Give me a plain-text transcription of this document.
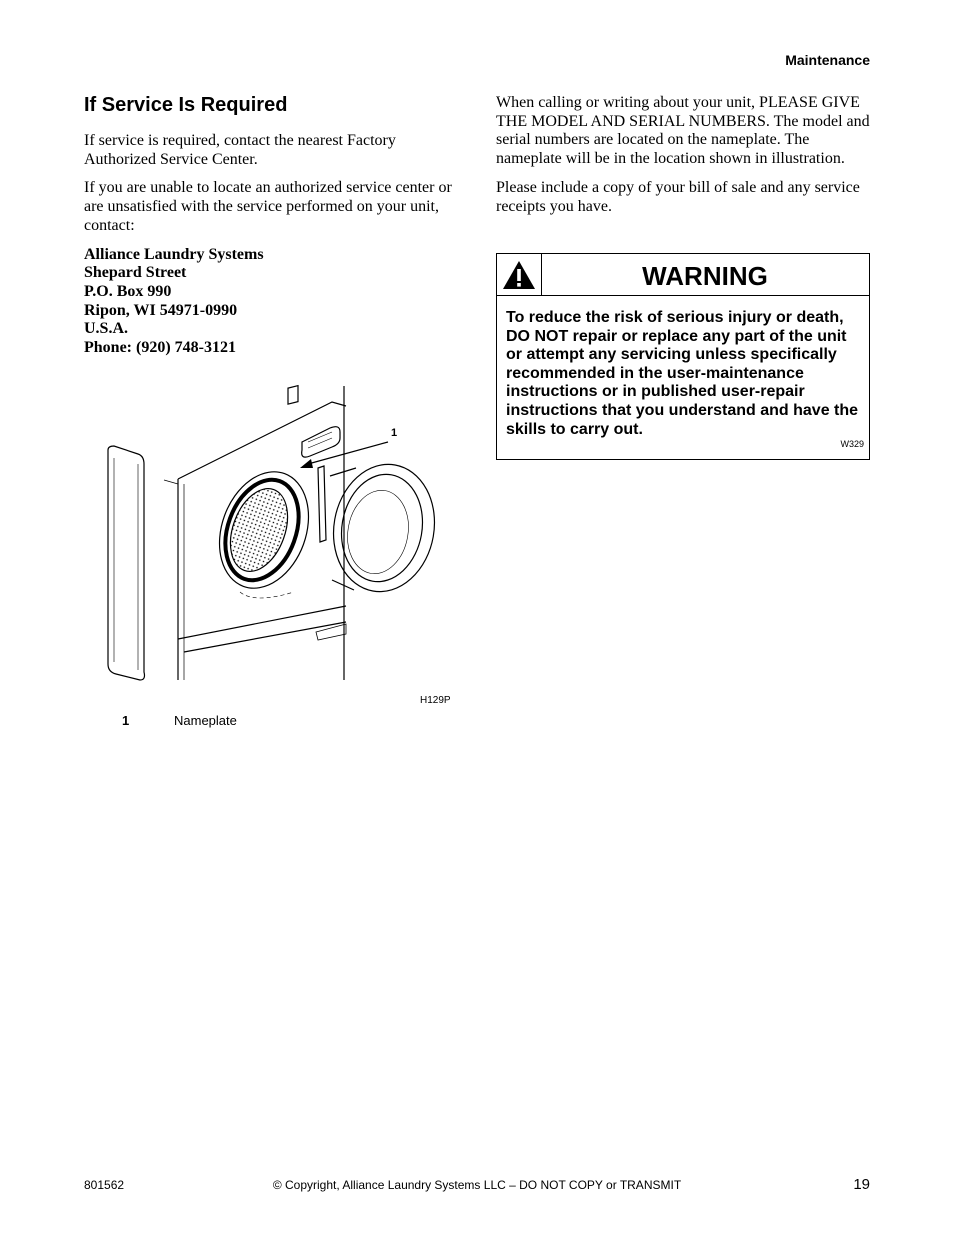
Maintenance
If Service Is Required

If service is required, contact the nearest Factory Authorized Service Center.

If you are unable to locate an authorized service center or are unsatisfied with the service performed on your unit, contact:

Alliance Laundry Systems

Shepard Street

P.O. Box 990

Ripon, WI 54971-0990

U.S.A.

Phone: (920) 748-3121

1
H129P
1	Nameplate

When calling or writing about your unit, PLEASE GIVE THE MODEL AND SERIAL NUMBERS. The model and serial numbers are located on the nameplate. The nameplate will be in the location shown in illustration.

Please include a copy of your bill of sale and any service receipts you have.

WARNING
To reduce the risk of serious injury or death, DO NOT repair or replace any part of the unit or attempt any servicing unless specifically recommended in the user-maintenance instructions or in published user-repair instructions that you understand and have the skills to carry out.
W329
801562	© Copyright, Alliance Laundry Systems LLC – DO NOT COPY or TRANSMIT	19
